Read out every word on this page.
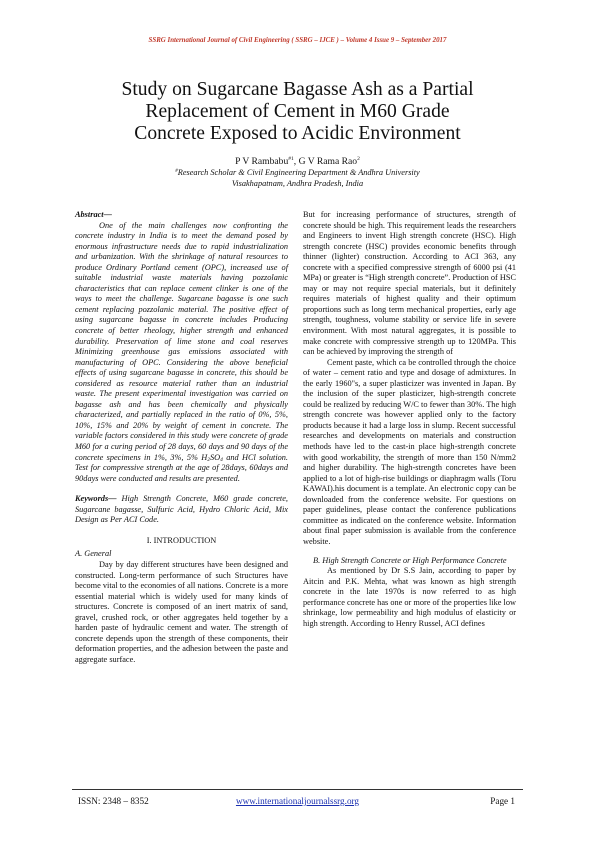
SSRG International Journal of Civil Engineering ( SSRG – IJCE ) – Volume 4 Issue 9 – September 2017
Study on Sugarcane Bagasse Ash as a Partial
Replacement of Cement in M60 Grade
Concrete Exposed to Acidic Environment
P V Rambabu$^{\#1}$, G V Rama Rao$^2$
#Research Scholar & Civil Engineering Department & Andhra University
Visakhapatnam, Andhra Pradesh, India

Abstract—
One of the main challenges now confronting the concrete industry in India is to meet the demand posed by enormous infrastructure needs due to rapid industrialization and urbanization. With the shrinkage of natural resources to produce Ordinary Portland cement (OPC), increased use of suitable industrial waste materials having pozzolanic characteristics that can replace cement clinker is one of the ways to meet the challenge. Sugarcane bagasse is one such cement replacing pozzolanic material. The positive effect of using sugarcane bagasse in concrete includes Producing concrete of better rheology, higher strength and enhanced durability. Preservation of lime stone and coal reserves Minimizing greenhouse gas emissions associated with manufacturing of OPC. Considering the above beneficial effects of using sugarcane bagasse in concrete, this should be considered as resource material rather than an industrial waste. The present experimental investigation was carried on bagasse ash and has been chemically and physically characterized, and partially replaced in the ratio of 0%, 5%, 10%, 15% and 20% by weight of cement in concrete. The variable factors considered in this study were concrete of grade M60 for a curing period of 28 days, 60 days and 90 days of the concrete specimens in 1%, 3%, 5% $H_2SO_4$ and HCl solution. Test for compressive strength at the age of 28days, 60days and 90days were conducted and results are presented.

Keywords— High Strength Concrete, M60 grade concrete, Sugarcane bagasse, Sulfuric Acid, Hydro Chloric Acid, Mix Design as Per ACI Code.

I. INTRODUCTION
A. General

Day by day different structures have been designed and constructed. Long-term performance of such Structures have become vital to the economies of all nations. Concrete is a more essential material which is widely used for many kinds of structures. Concrete is composed of an inert matrix of sand, gravel, crushed rock, or other aggregates held together by a harden paste of hydraulic cement and water. The strength of concrete depends upon the strength of these components, their deformation properties, and the adhesion between the paste and aggregate surface.

But for increasing performance of structures, strength of concrete should be high. This requirement leads the researchers and Engineers to invent High strength concrete (HSC). High strength concrete (HSC) provides economic benefits through thinner (lighter) construction. According to ACI 363, any concrete with a specified compressive strength of 6000 psi (41 MPa) or greater is “High strength concrete”. Production of HSC may or may not require special materials, but it definitely requires materials of highest quality and their optimum proportions such as long term mechanical properties, early age strength, toughness, volume stability or service life in severe environment. With most natural aggregates, it is possible to make concrete with compressive strength up to 120MPa. This can be achieved by improving the strength of

Cement paste, which ca be controlled through the choice of water – cement ratio and type and dosage of admixtures. In the early 1960"s, a super plasticizer was invented in Japan. By the inclusion of the super plasticizer, high-strength concrete could be realized by reducing W/C to fewer than 30%. The high strength concrete was however applied only to the factory products because it had a large loss in slump. Recent successful researches and developments on materials and construction methods have led to the cast-in place high-strength concrete with good workability, the strength of more than 150 N/mm2 and higher durability. The high-strength concretes have been applied to a lot of high-rise buildings or diaphragm walls (Toru KAWAI).his document is a template. An electronic copy can be downloaded from the conference website. For questions on paper guidelines, please contact the conference publications committee as indicated on the conference website. Information about final paper submission is available from the conference website.

B. High Strength Concrete or High Performance Concrete

As mentioned by Dr S.S Jain, according to paper by Aitcin and P.K. Mehta, what was known as high strength concrete in the late 1970s is now referred to as high performance concrete has one or more of the properties like low shrinkage, low permeability and high modulus of elasticity or high strength. According to Henry Russel, ACI defines

ISSN: 2348 – 8352	www.internationaljournalssrg.org	Page 1
